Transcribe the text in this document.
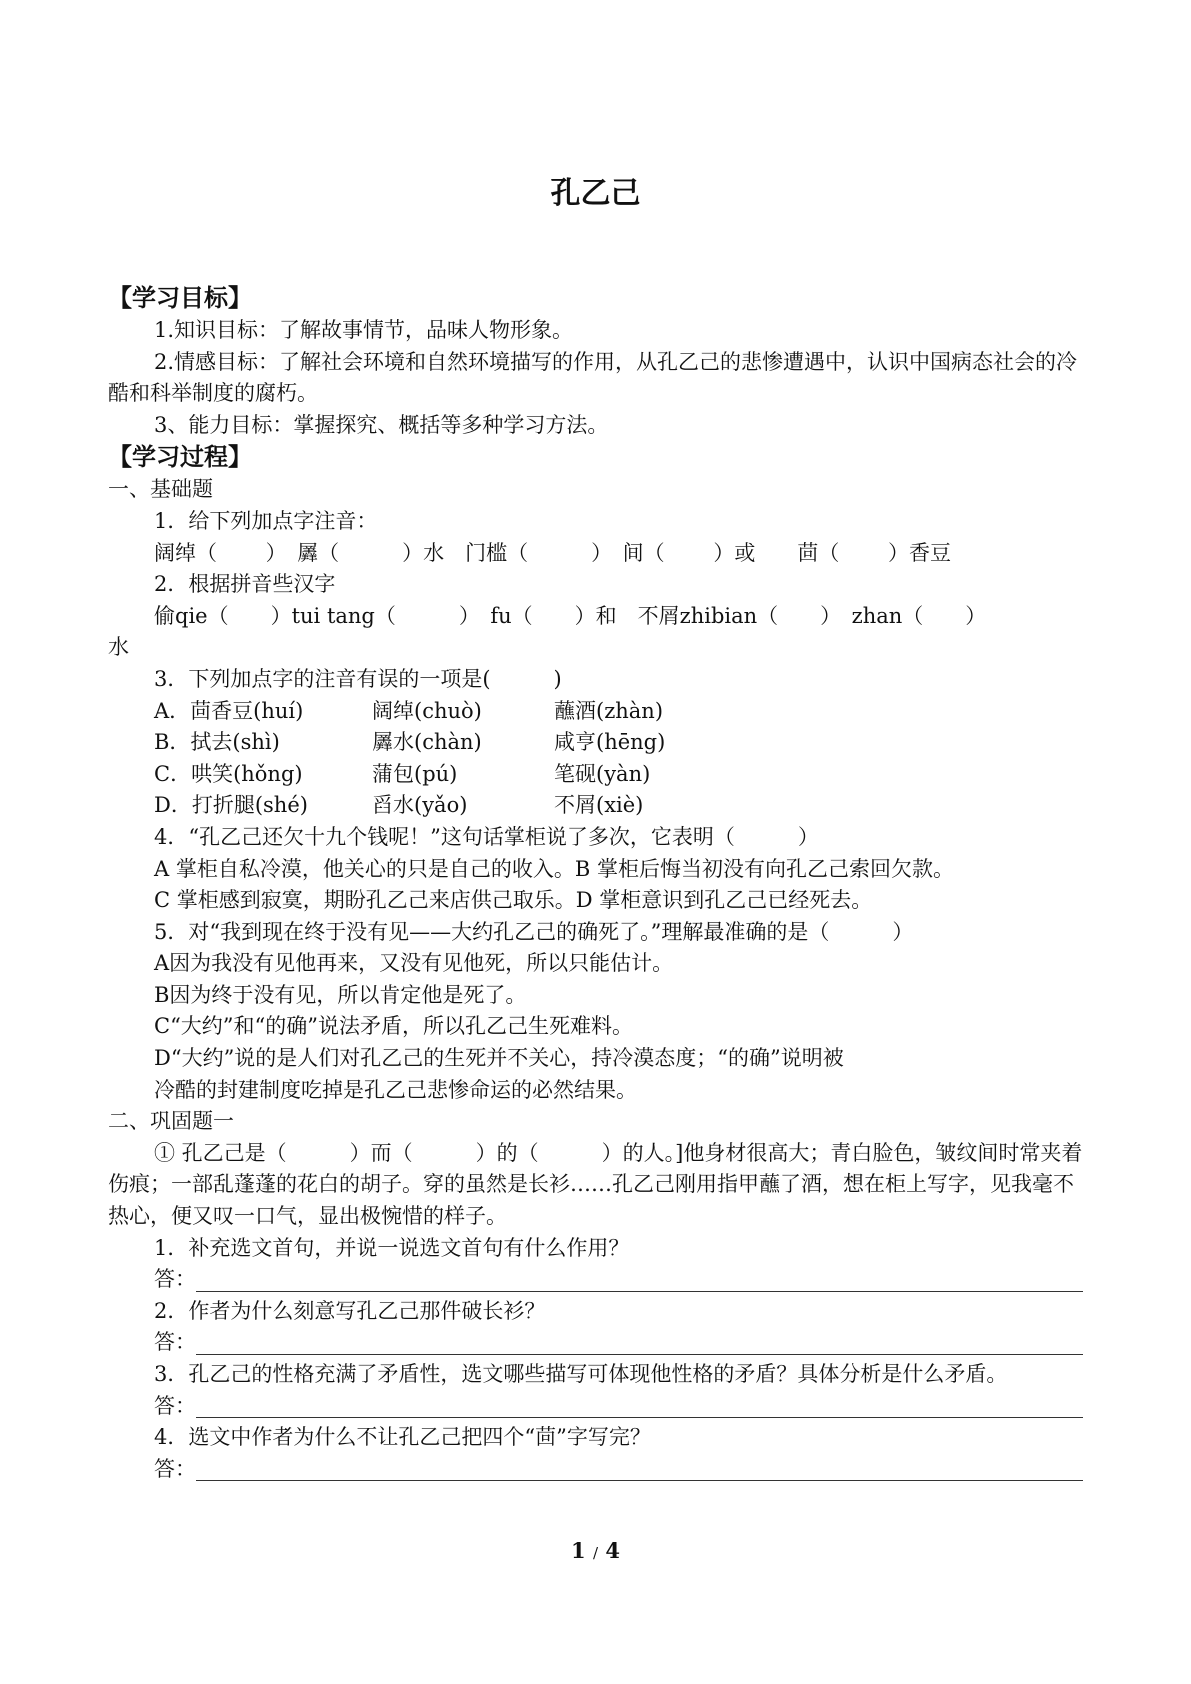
孔乙己
【学习目标】
1.知识目标：了解故事情节，品味人物形象。
2.情感目标：了解社会环境和自然环境描写的作用，从孔乙己的悲惨遭遇中，认识中国病态社会的冷酷和科举制度的腐朽。
3、能力目标：掌握探究、概括等多种学习方法。
【学习过程】
一、基础题
1．给下列加点字注音：
阔绰（　　 ）　羼（　　　）水　门槛（　　　）　间（　　 ）或　　茴（　　 ）香豆
2．根据拼音些汉字
偷qie（　　）tui tang（　　　）　fu（　　）和　不屑zhibian（　　）　zhan（　　）
水
3．下列加点字的注音有误的一项是(　　　)
A．茴香豆(huí)	阔绰(chuò)	蘸酒(zhàn)
B．拭去(shì)	羼水(chàn)	咸亨(hēng)
C．哄笑(hǒng)	蒲包(pú)	笔砚(yàn)
D．打折腿(shé)	舀水(yǎo)	不屑(xiè)
4．“孔乙己还欠十九个钱呢！”这句话掌柜说了多次，它表明（　　　）
A 掌柜自私冷漠，他关心的只是自己的收入。B 掌柜后悔当初没有向孔乙己索回欠款。
C 掌柜感到寂寞，期盼孔乙己来店供己取乐。D 掌柜意识到孔乙己已经死去。
5．对“我到现在终于没有见——大约孔乙己的确死了。”理解最准确的是（　　　）
A因为我没有见他再来，又没有见他死，所以只能估计。
B因为终于没有见，所以肯定他是死了。
C“大约”和“的确”说法矛盾，所以孔乙己生死难料。
D“大约”说的是人们对孔乙己的生死并不关心，持冷漠态度；“的确”说明被
冷酷的封建制度吃掉是孔乙己悲惨命运的必然结果。
二、巩固题一
① 孔乙己是（　　　）而（　　　）的（　　　）的人。]他身材很高大；青白脸色，皱纹间时常夹着伤痕；一部乱蓬蓬的花白的胡子。穿的虽然是长衫……孔乙己刚用指甲蘸了酒，想在柜上写字，见我毫不热心，便又叹一口气，显出极惋惜的样子。
1．补充选文首句，并说一说选文首句有什么作用？
答：
2．作者为什么刻意写孔乙己那件破长衫？
答：
3．孔乙己的性格充满了矛盾性，选文哪些描写可体现他性格的矛盾？具体分析是什么矛盾。
答：
4．选文中作者为什么不让孔乙己把四个“茴”字写完？
答：
1 / 4
